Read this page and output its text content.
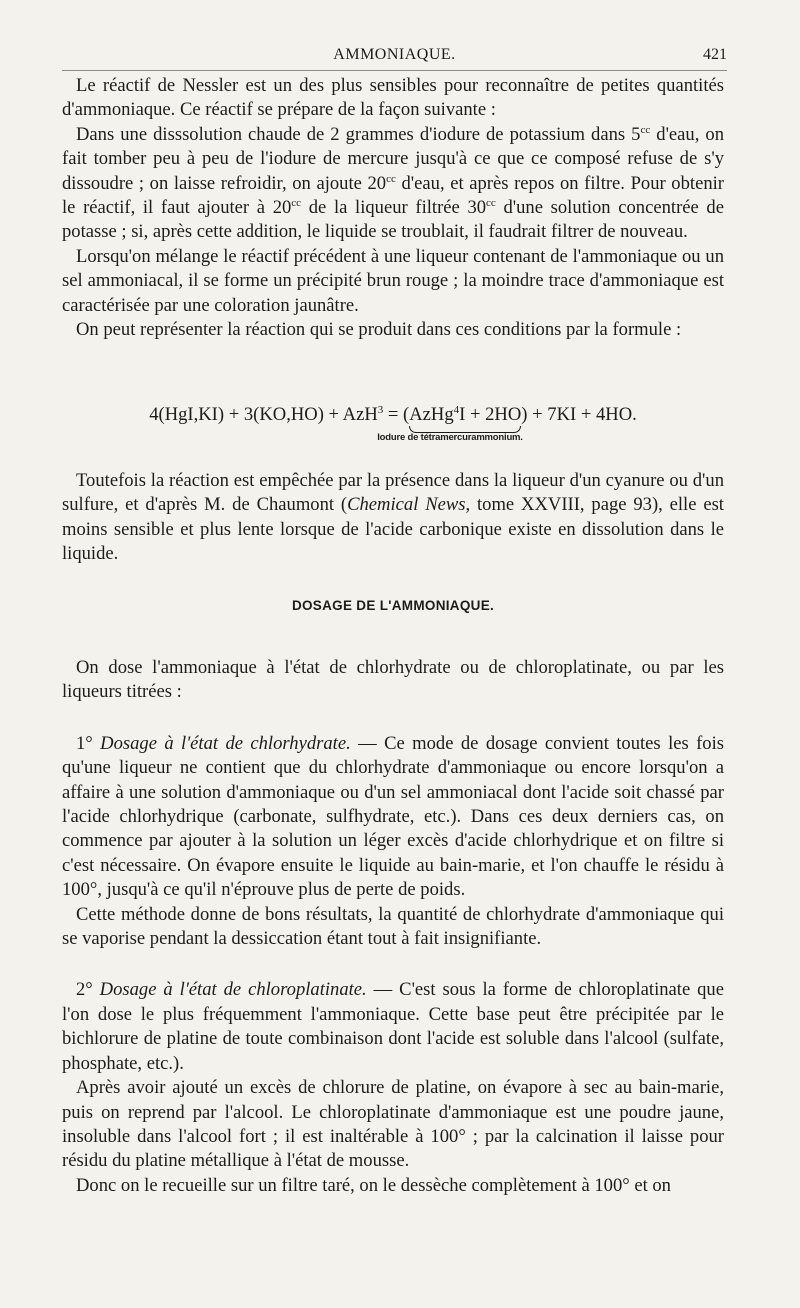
AMMONIAQUE.	421

Le réactif de Nessler est un des plus sensibles pour reconnaître de petites quantités d'ammoniaque. Ce réactif se prépare de la façon suivante :

Dans une disssolution chaude de 2 grammes d'iodure de potassium dans $5^{cc}$ d'eau, on fait tomber peu à peu de l'iodure de mercure jusqu'à ce que ce composé refuse de s'y dissoudre ; on laisse refroidir, on ajoute $20^{cc}$ d'eau, et après repos on filtre. Pour obtenir le réactif, il faut ajouter à $20^{cc}$ de la liqueur filtrée $30^{cc}$ d'une solution concentrée de potasse ; si, après cette addition, le liquide se troublait, il faudrait filtrer de nouveau.

Lorsqu'on mélange le réactif précédent à une liqueur contenant de l'ammoniaque ou un sel ammoniacal, il se forme un précipité brun rouge ; la moindre trace d'ammoniaque est caractérisée par une coloration jaunâtre.

On peut représenter la réaction qui se produit dans ces conditions par la formule :

4(HgI,KI) + 3(KO,HO) + AzH$^3$ = (AzHg$^4$I + 2HO
) + 7KI + 4HO.
Iodure de tétramercurammonium.

Toutefois la réaction est empêchée par la présence dans la liqueur d'un cyanure ou d'un sulfure, et d'après M. de Chaumont (Chemical News, tome XXVIII, page 93), elle est moins sensible et plus lente lorsque de l'acide carbonique existe en dissolution dans le liquide.

DOSAGE DE L'AMMONIAQUE.

On dose l'ammoniaque à l'état de chlorhydrate ou de chloroplatinate, ou par les liqueurs titrées :

1° Dosage à l'état de chlorhydrate. — Ce mode de dosage convient toutes les fois qu'une liqueur ne contient que du chlorhydrate d'ammoniaque ou encore lorsqu'on a affaire à une solution d'ammoniaque ou d'un sel ammoniacal dont l'acide soit chassé par l'acide chlorhydrique (carbonate, sulfhydrate, etc.). Dans ces deux derniers cas, on commence par ajouter à la solution un léger excès d'acide chlorhydrique et on filtre si c'est nécessaire. On évapore ensuite le liquide au bain-marie, et l'on chauffe le résidu à 100°, jusqu'à ce qu'il n'éprouve plus de perte de poids.

Cette méthode donne de bons résultats, la quantité de chlorhydrate d'ammoniaque qui se vaporise pendant la dessiccation étant tout à fait insignifiante.

2° Dosage à l'état de chloroplatinate. — C'est sous la forme de chloroplatinate que l'on dose le plus fréquemment l'ammoniaque. Cette base peut être précipitée par le bichlorure de platine de toute combinaison dont l'acide est soluble dans l'alcool (sulfate, phosphate, etc.).

Après avoir ajouté un excès de chlorure de platine, on évapore à sec au bain-marie, puis on reprend par l'alcool. Le chloroplatinate d'ammoniaque est une poudre jaune, insoluble dans l'alcool fort ; il est inaltérable à 100° ; par la calcination il laisse pour résidu du platine métallique à l'état de mousse.

Donc on le recueille sur un filtre taré, on le dessèche complètement à 100° et on
